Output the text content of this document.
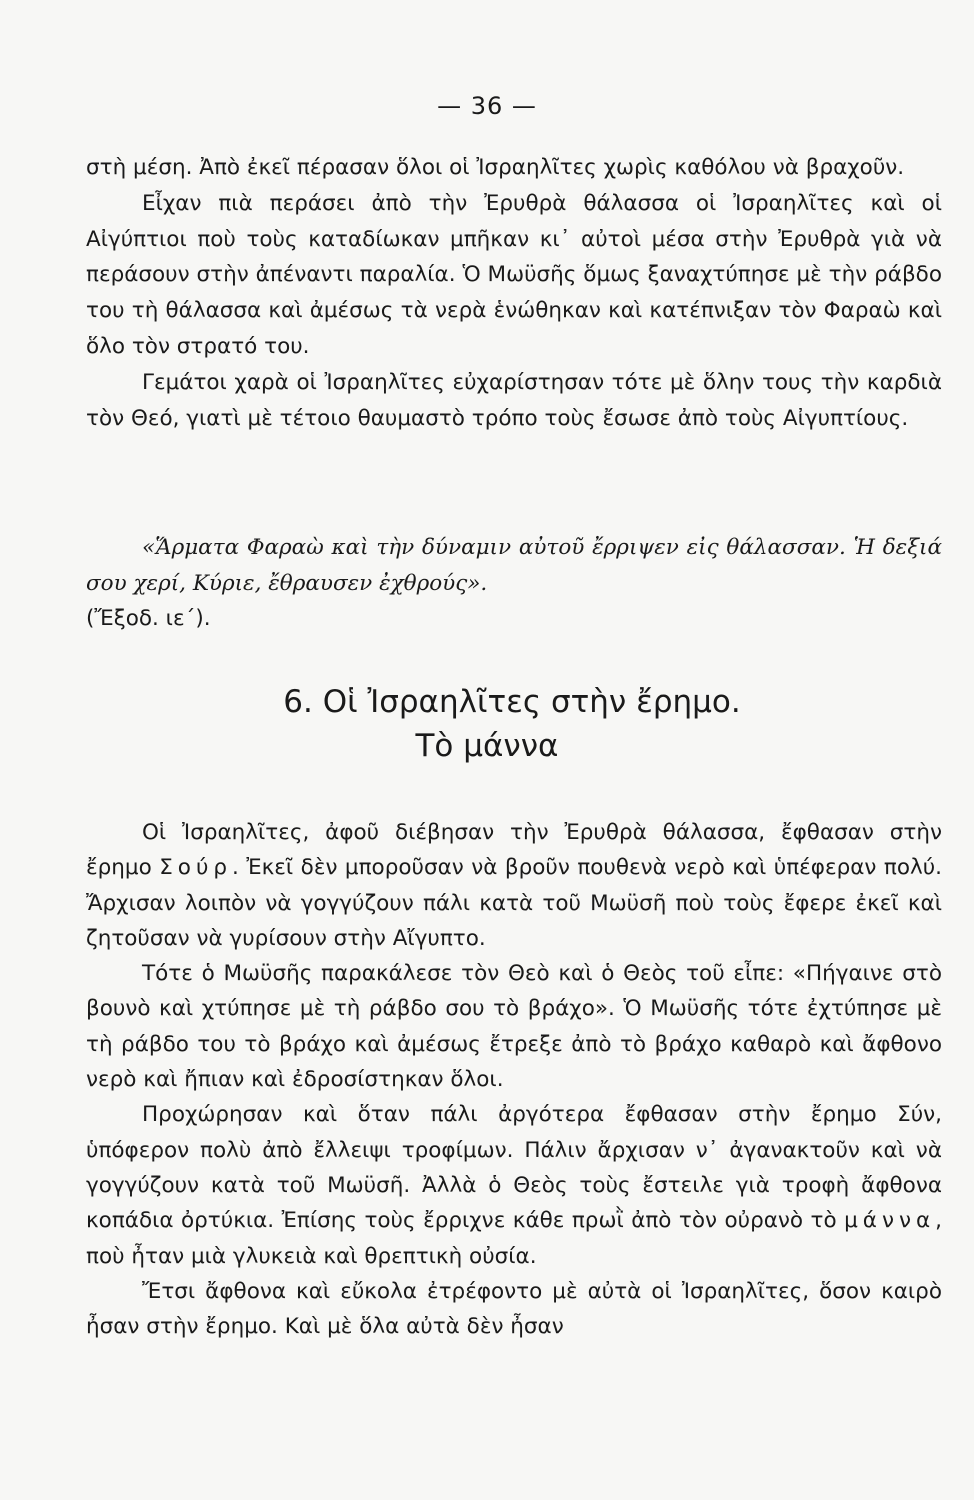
— 36 —

στὴ μέση. Ἀπὸ ἐκεῖ πέρασαν ὅλοι οἱ Ἰσραηλῖτες χωρὶς καθόλου νὰ βραχοῦν.

Εἶχαν πιὰ περάσει ἀπὸ τὴν Ἐρυθρὰ θάλασσα οἱ Ἰσραηλῖτες καὶ οἱ Αἰγύπτιοι ποὺ τοὺς καταδίωκαν μπῆκαν κι᾿ αὐτοὶ μέσα στὴν Ἐρυθρὰ γιὰ νὰ περάσουν στὴν ἀπέναντι παραλία. Ὁ Μωϋσῆς ὅμως ξαναχτύπησε μὲ τὴν ράβδο του τὴ θάλασσα καὶ ἀμέσως τὰ νερὰ ἑνώθηκαν καὶ κατέπνιξαν τὸν Φαραὼ καὶ ὅλο τὸν στρατό του.

Γεμάτοι χαρὰ οἱ Ἰσραηλῖτες εὐχαρίστησαν τότε μὲ ὅλην τους τὴν καρδιὰ τὸν Θεό, γιατὶ μὲ τέτοιο θαυμαστὸ τρόπο τοὺς ἔσωσε ἀπὸ τοὺς Αἰγυπτίους.

«Ἅρματα Φαραὼ καὶ τὴν δύναμιν αὐτοῦ ἔρριψεν εἰς θάλασσαν. Ἡ δεξιά σου χερί, Κύριε, ἔθραυσεν ἐχθρούς».

(Ἔξοδ. ιε΄).

6. Οἱ Ἰσραηλῖτες στὴν ἔρημο.
Τὸ μάννα

Οἱ Ἰσραηλῖτες, ἀφοῦ διέβησαν τὴν Ἐρυθρὰ θάλασσα, ἔφθασαν στὴν ἔρημο Σούρ. Ἐκεῖ δὲν μποροῦσαν νὰ βροῦν πουθενὰ νερὸ καὶ ὑπέφεραν πολύ. Ἄρχισαν λοιπὸν νὰ γογγύζουν πάλι κατὰ τοῦ Μωϋσῆ ποὺ τοὺς ἔφερε ἐκεῖ καὶ ζητοῦσαν νὰ γυρίσουν στὴν Αἴγυπτο.

Τότε ὁ Μωϋσῆς παρακάλεσε τὸν Θεὸ καὶ ὁ Θεὸς τοῦ εἶπε: «Πήγαινε στὸ βουνὸ καὶ χτύπησε μὲ τὴ ράβδο σου τὸ βράχο». Ὁ Μωϋσῆς τότε ἐχτύπησε μὲ τὴ ράβδο του τὸ βράχο καὶ ἀμέσως ἔτρεξε ἀπὸ τὸ βράχο καθαρὸ καὶ ἄφθονο νερὸ καὶ ἤπιαν καὶ ἐδροσίστηκαν ὅλοι.

Προχώρησαν καὶ ὅταν πάλι ἀργότερα ἔφθασαν στὴν ἔρημο Σύν, ὑπόφερον πολὺ ἀπὸ ἔλλειψι τροφίμων. Πάλιν ἄρχισαν ν᾿ ἀγανακτοῦν καὶ νὰ γογγύζουν κατὰ τοῦ Μωϋσῆ. Ἀλλὰ ὁ Θεὸς τοὺς ἔστειλε γιὰ τροφὴ ἄφθονα κοπάδια ὀρτύκια. Ἐπίσης τοὺς ἔρριχνε κάθε πρωῒ ἀπὸ τὸν οὐρανὸ τὸ μάννα, ποὺ ἦταν μιὰ γλυκειὰ καὶ θρεπτικὴ οὐσία.

Ἔτσι ἄφθονα καὶ εὔκολα ἐτρέφοντο μὲ αὐτὰ οἱ Ἰσραηλῖτες, ὅσον καιρὸ ἦσαν στὴν ἔρημο. Καὶ μὲ ὅλα αὐτὰ δὲν ἦσαν
